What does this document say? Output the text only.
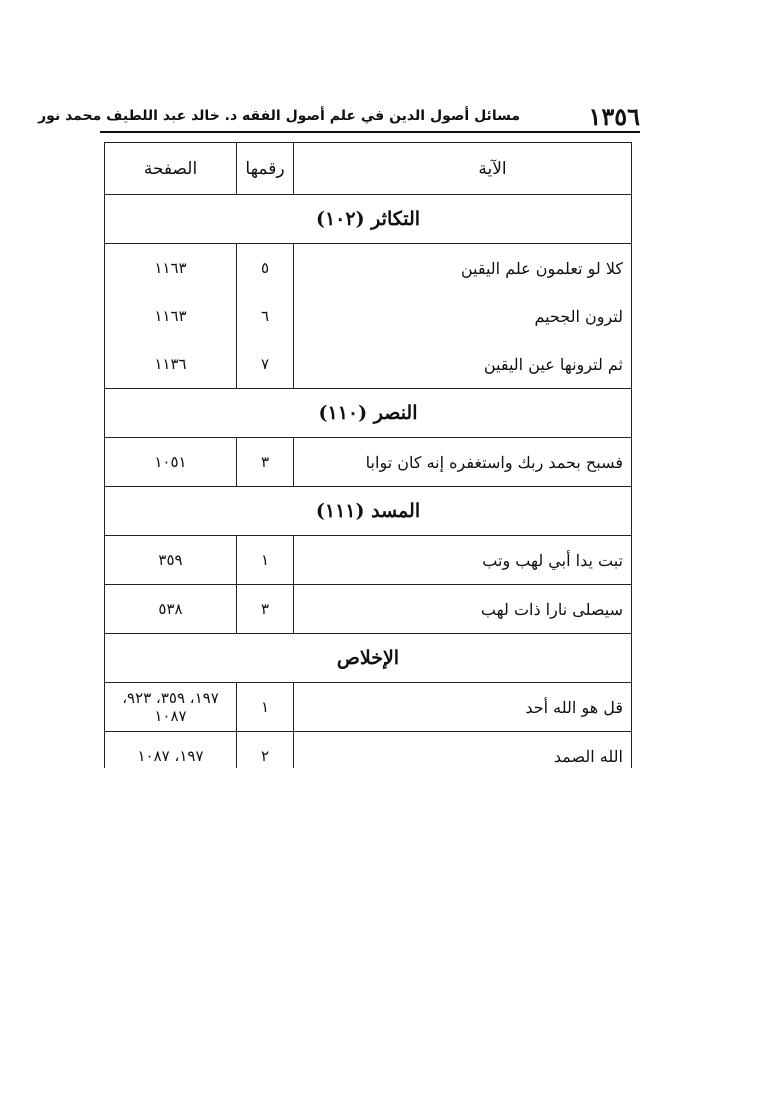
١٣٥٦
مسائل أصول الدين في علم أصول الفقه د. خالد عبد اللطيف محمد نور
الآية	رقمها	الصفحة
التكاثر (١٠٢)		
كلا لو تعلمون علم اليقين	٥	١١٦٣
لترون الجحيم	٦	١١٦٣
ثم لترونها عين اليقين	٧	١١٣٦
النصر (١١٠)		
فسبح بحمد ربك واستغفره إنه كان توابا	٣	١٠٥١
المسد (١١١)		
تبت يدا أبي لهب وتب	١	٣٥٩
سيصلى نارا ذات لهب	٣	٥٣٨
الإخلاص		
قل هو الله أحد	١	١٩٧، ٣٥٩، ٩٢٣، ١٠٨٧
الله الصمد	٢	١٩٧، ١٠٨٧
